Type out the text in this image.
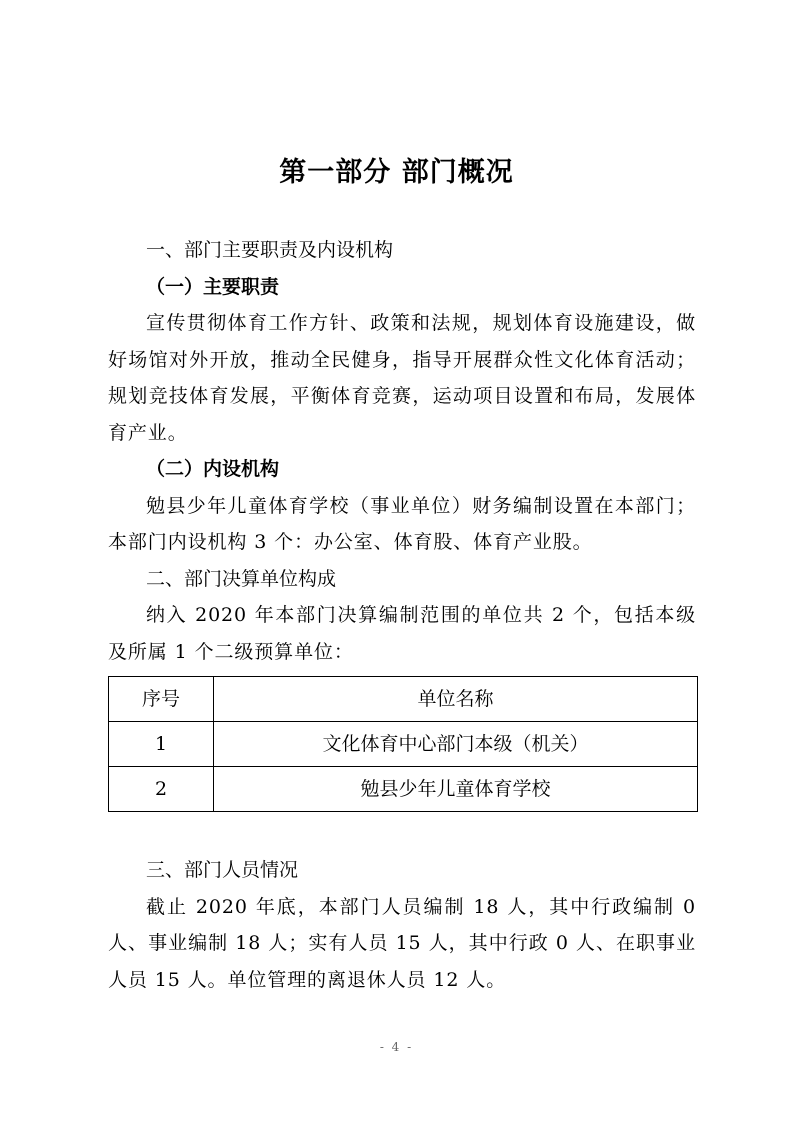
第一部分 部门概况
一、部门主要职责及内设机构
（一）主要职责
宣传贯彻体育工作方针、政策和法规，规划体育设施建设，做好场馆对外开放，推动全民健身，指导开展群众性文化体育活动；规划竞技体育发展，平衡体育竞赛，运动项目设置和布局，发展体育产业。
（二）内设机构
勉县少年儿童体育学校（事业单位）财务编制设置在本部门；本部门内设机构 3 个：办公室、体育股、体育产业股。
二、部门决算单位构成
纳入 2020 年本部门决算编制范围的单位共 2 个，包括本级及所属 1 个二级预算单位：
序号	单位名称
1	文化体育中心部门本级（机关）
2	勉县少年儿童体育学校
三、部门人员情况
截止 2020 年底，本部门人员编制 18 人，其中行政编制 0 人、事业编制 18 人；实有人员 15 人，其中行政 0 人、在职事业人员 15 人。单位管理的离退休人员 12 人。
- 4 -
